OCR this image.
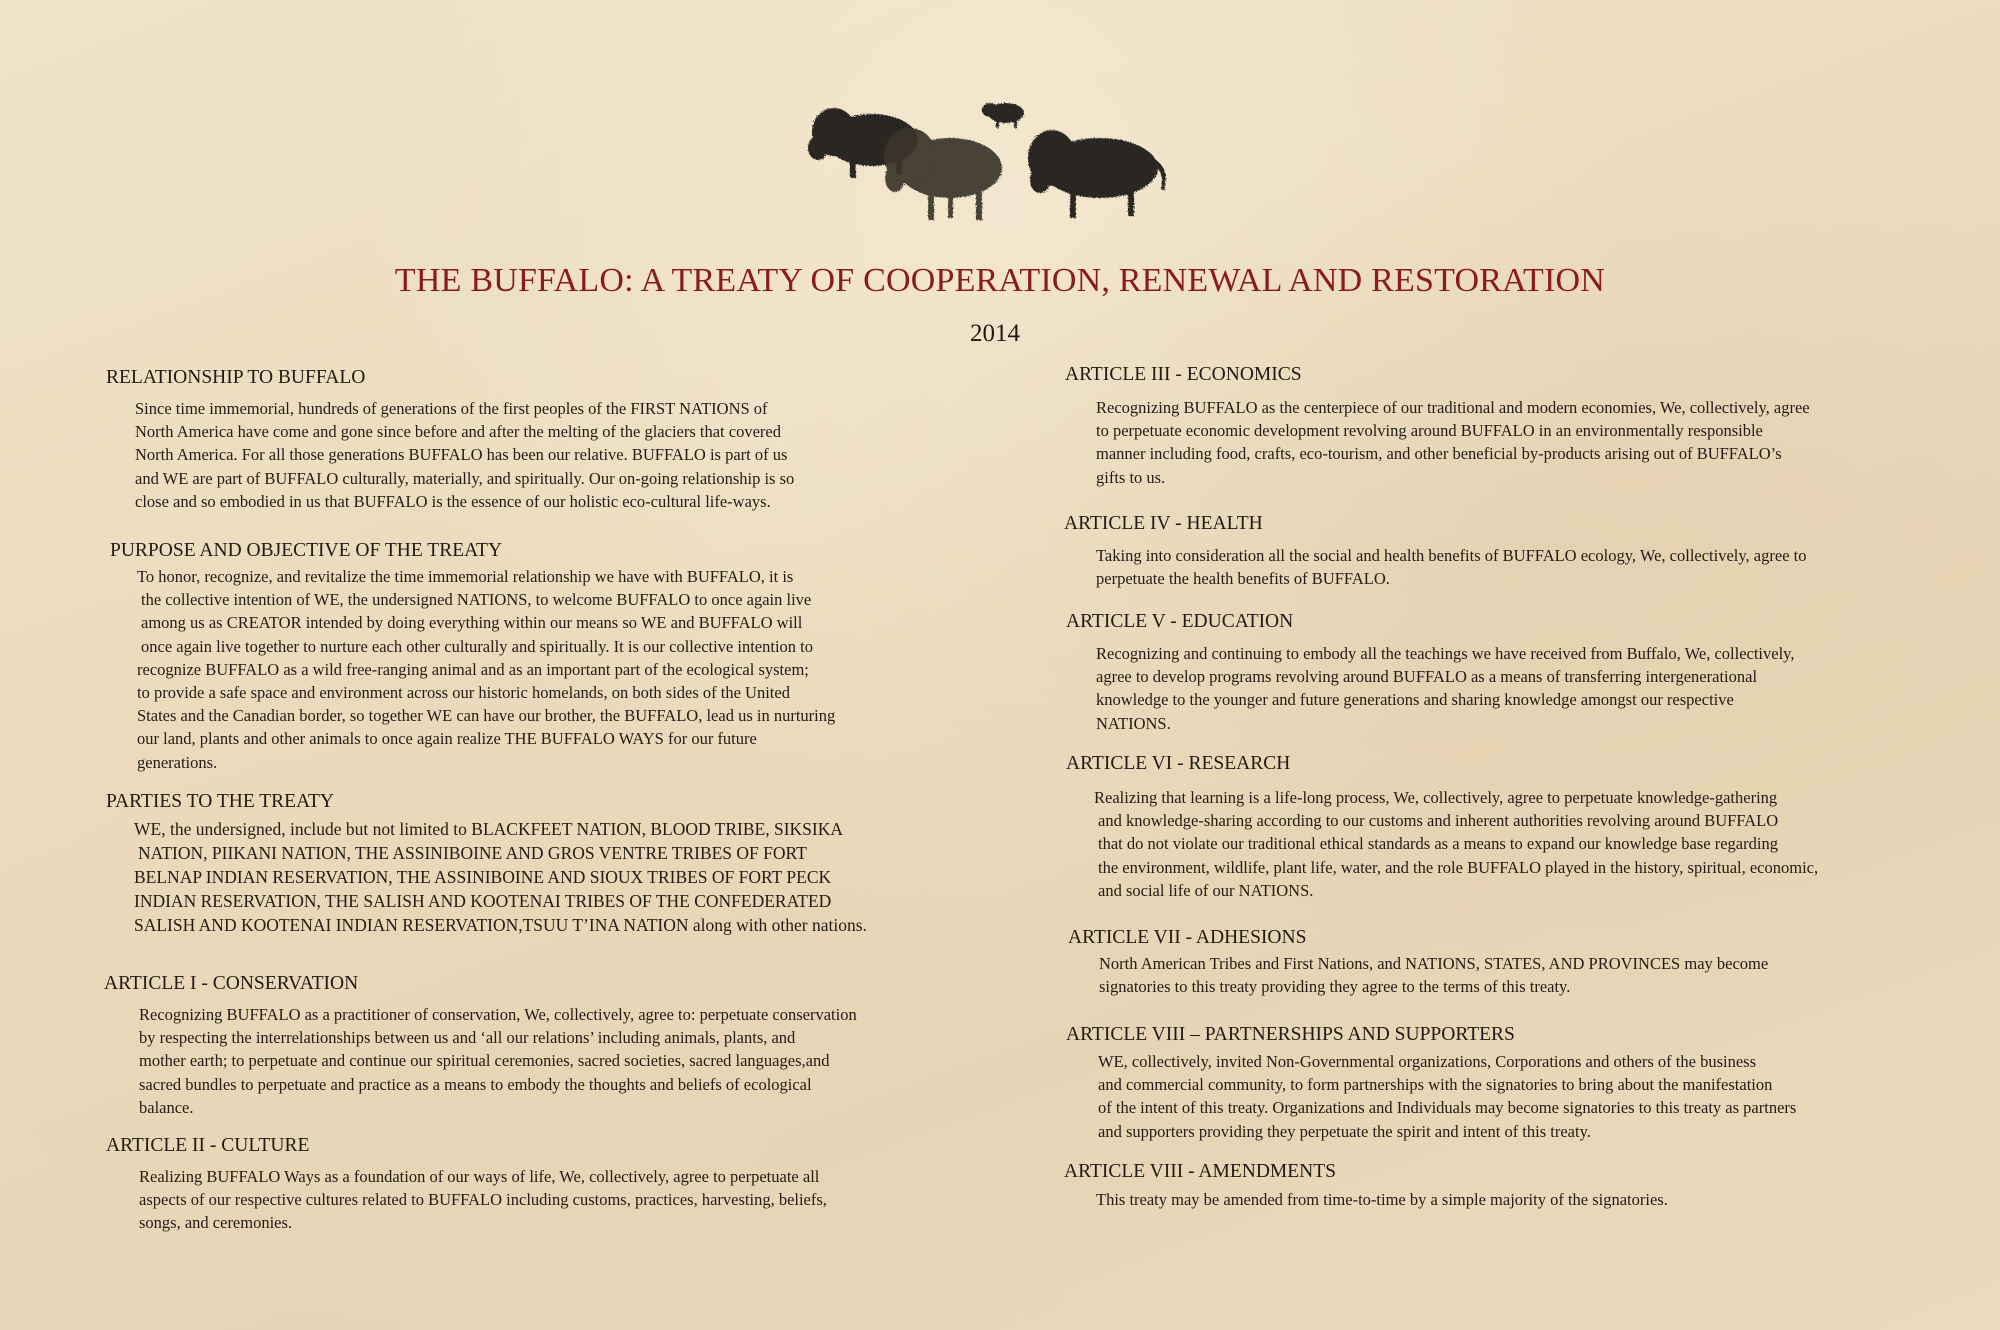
THE BUFFALO: A TREATY OF COOPERATION, RENEWAL AND RESTORATION
2014

RELATIONSHIP TO BUFFALO

Since time immemorial, hundreds of generations of the first peoples of the FIRST NATIONS of

North America have come and gone since before and after the melting of the glaciers that covered

North America. For all those generations BUFFALO has been our relative. BUFFALO is part of us

and WE are part of BUFFALO culturally, materially, and spiritually. Our on-going relationship is so

close and so embodied in us that BUFFALO is the essence of our holistic eco-cultural life-ways.

PURPOSE AND OBJECTIVE OF THE TREATY

To honor, recognize, and revitalize the time immemorial relationship we have with BUFFALO, it is

the collective intention of WE, the undersigned NATIONS, to welcome BUFFALO to once again live

among us as CREATOR intended by doing everything within our means so WE and BUFFALO will

once again live together to nurture each other culturally and spiritually. It is our collective intention to

recognize BUFFALO as a wild free-ranging animal and as an important part of the ecological system;

to provide a safe space and environment across our historic homelands, on both sides of the United

States and the Canadian border, so together WE can have our brother, the BUFFALO, lead us in nurturing

our land, plants and other animals to once again realize THE BUFFALO WAYS for our future

generations.

PARTIES TO THE TREATY

WE, the undersigned, include but not limited to BLACKFEET NATION, BLOOD TRIBE, SIKSIKA

NATION, PIIKANI NATION, THE ASSINIBOINE AND GROS VENTRE TRIBES OF FORT

BELNAP INDIAN RESERVATION, THE ASSINIBOINE AND SIOUX TRIBES OF FORT PECK

INDIAN RESERVATION, THE SALISH AND KOOTENAI TRIBES OF THE CONFEDERATED

SALISH AND KOOTENAI INDIAN RESERVATION,TSUU T’INA NATION along with other nations.

ARTICLE I - CONSERVATION

Recognizing BUFFALO as a practitioner of conservation, We, collectively, agree to: perpetuate conservation

by respecting the interrelationships between us and ‘all our relations’ including animals, plants, and

mother earth; to perpetuate and continue our spiritual ceremonies, sacred societies, sacred languages,and

sacred bundles to perpetuate and practice as a means to embody the thoughts and beliefs of ecological

balance.

ARTICLE II - CULTURE

Realizing BUFFALO Ways as a foundation of our ways of life, We, collectively, agree to perpetuate all

aspects of our respective cultures related to BUFFALO including customs, practices, harvesting, beliefs,

songs, and ceremonies.

ARTICLE III - ECONOMICS

Recognizing BUFFALO as the centerpiece of our traditional and modern economies, We, collectively, agree

to perpetuate economic development revolving around BUFFALO in an environmentally responsible

manner including food, crafts, eco-tourism, and other beneficial by-products arising out of BUFFALO’s

gifts to us.

ARTICLE IV - HEALTH

Taking into consideration all the social and health benefits of BUFFALO ecology, We, collectively, agree to

perpetuate the health benefits of BUFFALO.

ARTICLE V - EDUCATION

Recognizing and continuing to embody all the teachings we have received from Buffalo, We, collectively,

agree to develop programs revolving around BUFFALO as a means of transferring intergenerational

knowledge to the younger and future generations and sharing knowledge amongst our respective

NATIONS.

ARTICLE VI - RESEARCH

Realizing that learning is a life-long process, We, collectively, agree to perpetuate knowledge-gathering

and knowledge-sharing according to our customs and inherent authorities revolving around BUFFALO

that do not violate our traditional ethical standards as a means to expand our knowledge base regarding

the environment, wildlife, plant life, water, and the role BUFFALO played in the history, spiritual, economic,

and social life of our NATIONS.

ARTICLE VII - ADHESIONS

North American Tribes and First Nations, and NATIONS, STATES, AND PROVINCES may become

signatories to this treaty providing they agree to the terms of this treaty.

ARTICLE VIII – PARTNERSHIPS AND SUPPORTERS

WE, collectively, invited Non-Governmental organizations, Corporations and others of the business

and commercial community, to form partnerships with the signatories to bring about the manifestation

of the intent of this treaty. Organizations and Individuals may become signatories to this treaty as partners

and supporters providing they perpetuate the spirit and intent of this treaty.

ARTICLE VIII - AMENDMENTS

This treaty may be amended from time-to-time by a simple majority of the signatories.
